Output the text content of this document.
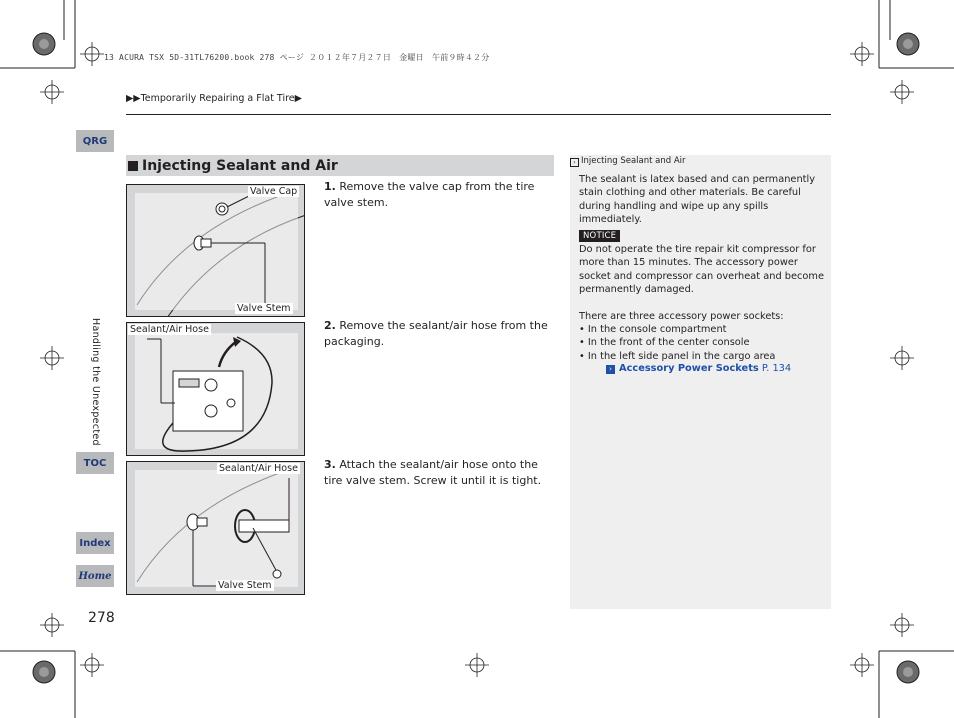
13 ACURA TSX 5D-31TL76200.book 278 ページ ２０１２年７月２７日　金曜日　午前９時４２分
▶▶Temporarily Repairing a Flat Tire▶
QRG
Handling the Unexpected
TOC
Index
Home
278
Injecting Sealant and Air
Valve Cap
Valve Stem
Sealant/Air Hose
Sealant/Air Hose
Valve Stem
1. Remove the valve cap from the tire valve stem.
2. Remove the sealant/air hose from the packaging.
3. Attach the sealant/air hose onto the tire valve stem. Screw it until it is tight.
› Injecting Sealant and Air
The sealant is latex based and can permanently stain clothing and other materials. Be careful during handling and wipe up any spills immediately.
NOTICE
Do not operate the tire repair kit compressor for more than 15 minutes. The accessory power socket and compressor can overheat and become permanently damaged.
There are three accessory power sockets:
• In the console compartment
• In the front of the center console
• In the left side panel in the cargo area
› Accessory Power Sockets P. 134
